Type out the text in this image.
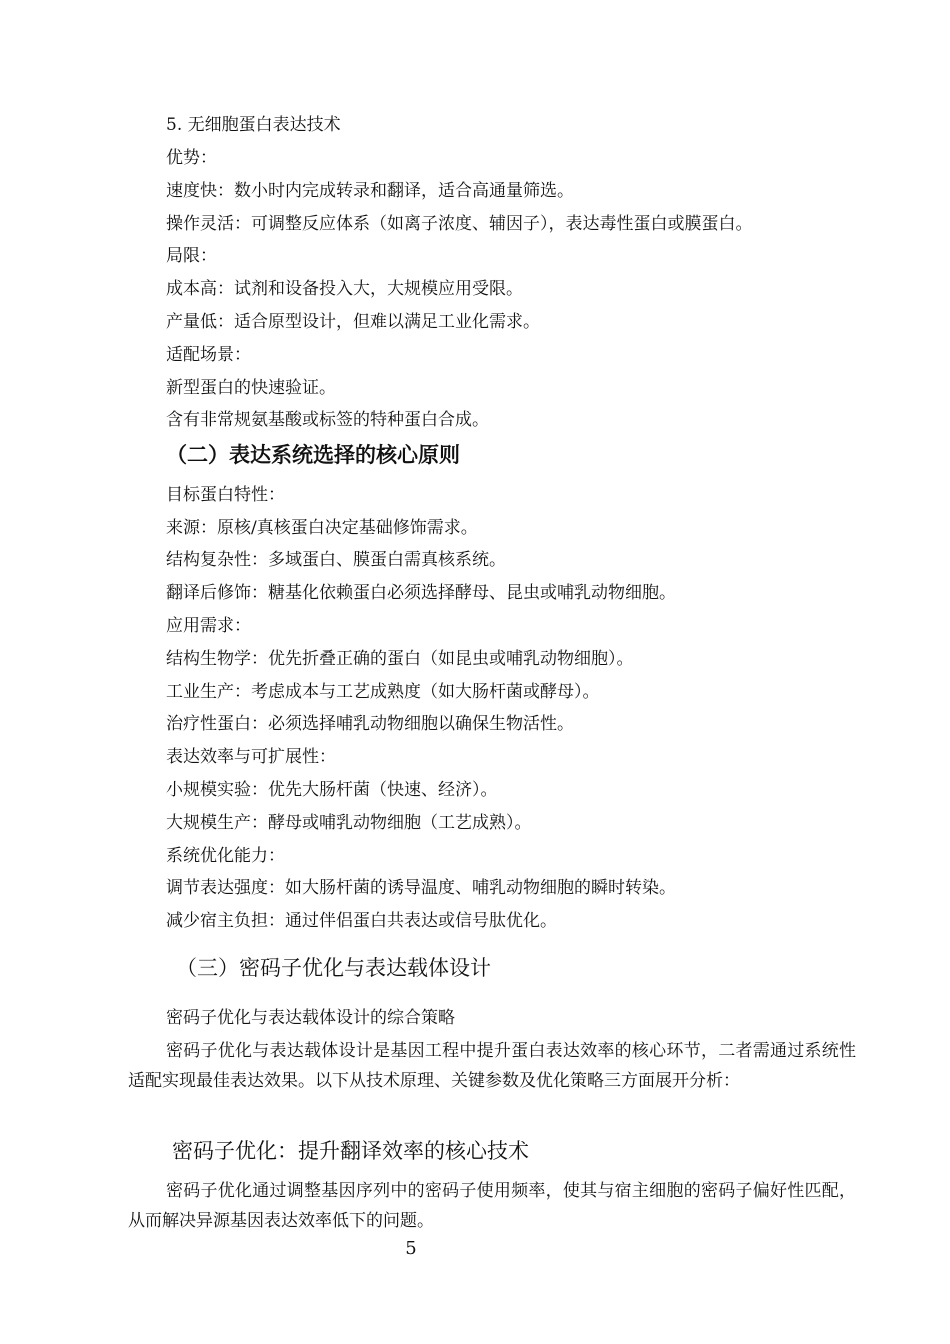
5. 无细胞蛋白表达技术
优势：
速度快：数小时内完成转录和翻译，适合高通量筛选。
操作灵活：可调整反应体系（如离子浓度、辅因子），表达毒性蛋白或膜蛋白。
局限：
成本高：试剂和设备投入大，大规模应用受限。
产量低：适合原型设计，但难以满足工业化需求。
适配场景：
新型蛋白的快速验证。
含有非常规氨基酸或标签的特种蛋白合成。
（二）表达系统选择的核心原则
目标蛋白特性：
来源：原核/真核蛋白决定基础修饰需求。
结构复杂性：多域蛋白、膜蛋白需真核系统。
翻译后修饰：糖基化依赖蛋白必须选择酵母、昆虫或哺乳动物细胞。
应用需求：
结构生物学：优先折叠正确的蛋白（如昆虫或哺乳动物细胞）。
工业生产：考虑成本与工艺成熟度（如大肠杆菌或酵母）。
治疗性蛋白：必须选择哺乳动物细胞以确保生物活性。
表达效率与可扩展性：
小规模实验：优先大肠杆菌（快速、经济）。
大规模生产：酵母或哺乳动物细胞（工艺成熟）。
系统优化能力：
调节表达强度：如大肠杆菌的诱导温度、哺乳动物细胞的瞬时转染。
减少宿主负担：通过伴侣蛋白共表达或信号肽优化。
（三）密码子优化与表达载体设计
密码子优化与表达载体设计的综合策略
密码子优化与表达载体设计是基因工程中提升蛋白表达效率的核心环节，二者需通过系统性适配实现最佳表达效果。以下从技术原理、关键参数及优化策略三方面展开分析：
密码子优化：提升翻译效率的核心技术
密码子优化通过调整基因序列中的密码子使用频率，使其与宿主细胞的密码子偏好性匹配，从而解决异源基因表达效率低下的问题。
5
